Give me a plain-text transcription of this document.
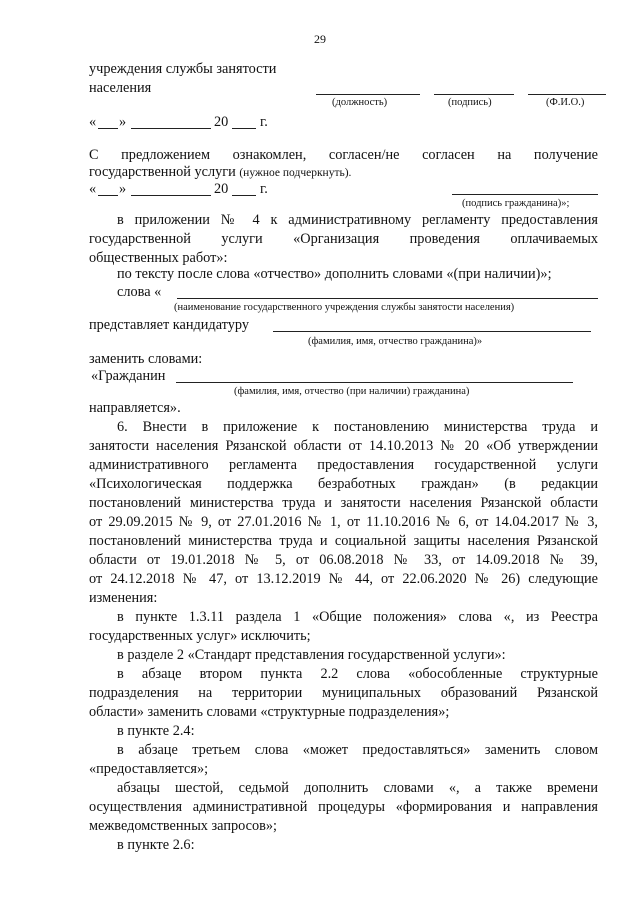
29
учреждения службы занятости
населения
(должность)	(подпись)	(Ф.И.О.)
« »	20 г.
С предложением ознакомлен, согласен/не согласен на получение
государственной услуги (нужное подчеркнуть).
« »	20 г.
(подпись гражданина)»;
в приложении № 4 к административному регламенту предоставления
государственной услуги «Организация проведения оплачиваемых
общественных работ»:
по тексту после слова «отчество» дополнить словами «(при наличии)»;
слова «
(наименование государственного учреждения службы занятости населения)
представляет кандидатуру
(фамилия, имя, отчество гражданина)»
заменить словами:
«Гражданин
(фамилия, имя, отчество (при наличии) гражданина)
направляется».
6. Внести в приложение к постановлению министерства труда и
занятости населения Рязанской области от 14.10.2013 № 20 «Об утверждении
административного регламента предоставления государственной услуги
«Психологическая поддержка безработных граждан» (в редакции
постановлений министерства труда и занятости населения Рязанской области
от 29.09.2015 № 9, от 27.01.2016 № 1, от 11.10.2016 № 6, от 14.04.2017 № 3,
постановлений министерства труда и социальной защиты населения Рязанской
области от 19.01.2018 № 5, от 06.08.2018 № 33, от 14.09.2018 № 39,
от 24.12.2018 № 47, от 13.12.2019 № 44, от 22.06.2020 № 26) следующие
изменения:
в пункте 1.3.11 раздела 1 «Общие положения» слова «, из Реестра
государственных услуг» исключить;
в разделе 2 «Стандарт представления государственной услуги»:
в абзаце втором пункта 2.2 слова «обособленные структурные
подразделения на территории муниципальных образований Рязанской
области» заменить словами «структурные подразделения»;
в пункте 2.4:
в абзаце третьем слова «может предоставляться» заменить словом
«предоставляется»;
абзацы шестой, седьмой дополнить словами «, а также времени
осуществления административной процедуры «формирования и направления
межведомственных запросов»;
в пункте 2.6:
